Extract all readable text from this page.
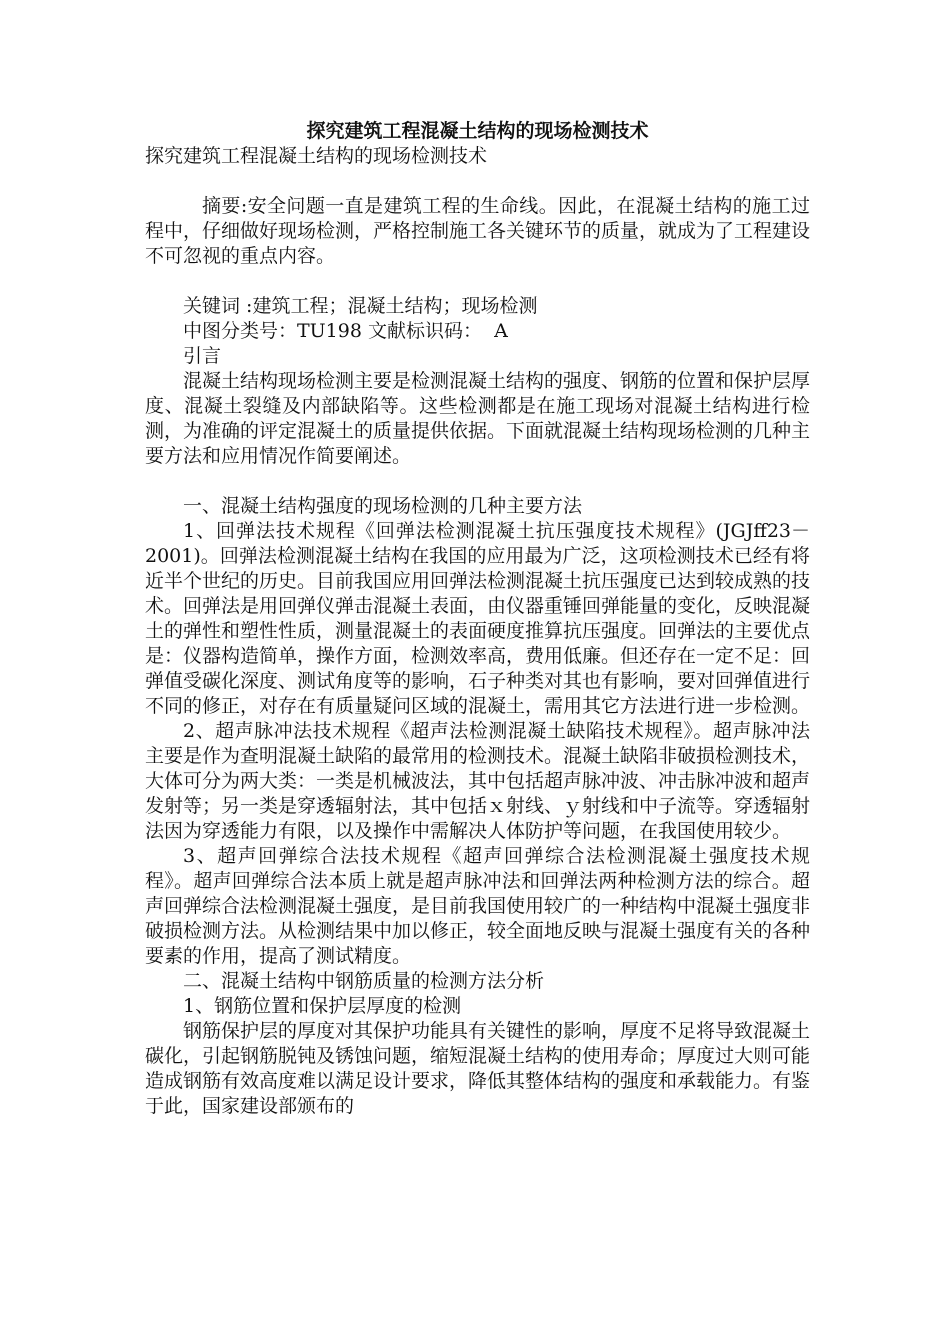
探究建筑工程混凝土结构的现场检测技术

探究建筑工程混凝土结构的现场检测技术

摘要:安全问题一直是建筑工程的生命线。因此，在混凝土结构的施工过程中，仔细做好现场检测，严格控制施工各关键环节的质量，就成为了工程建设不可忽视的重点内容。

关键词 :建筑工程；混凝土结构；现场检测

中图分类号：TU198 文献标识码：  A

引言

混凝土结构现场检测主要是检测混凝土结构的强度、钢筋的位置和保护层厚度、混凝土裂缝及内部缺陷等。这些检测都是在施工现场对混凝土结构进行检测，为准确的评定混凝土的质量提供依据。下面就混凝土结构现场检测的几种主要方法和应用情况作简要阐述。

一、混凝土结构强度的现场检测的几种主要方法

1、回弹法技术规程《回弹法检测混凝土抗压强度技术规程》(JGJff23－2001)。回弹法检测混凝土结构在我国的应用最为广泛，这项检测技术已经有将近半个世纪的历史。目前我国应用回弹法检测混凝土抗压强度已达到较成熟的技术。回弹法是用回弹仪弹击混凝土表面，由仪器重锤回弹能量的变化，反映混凝土的弹性和塑性性质，测量混凝土的表面硬度推算抗压强度。回弹法的主要优点是：仪器构造简单，操作方面，检测效率高，费用低廉。但还存在一定不足：回弹值受碳化深度、测试角度等的影响，石子种类对其也有影响，要对回弹值进行不同的修正，对存在有质量疑问区域的混凝土，需用其它方法进行进一步检测。

2、超声脉冲法技术规程《超声法检测混凝土缺陷技术规程》。超声脉冲法主要是作为查明混凝土缺陷的最常用的检测技术。混凝土缺陷非破损检测技术，大体可分为两大类：一类是机械波法，其中包括超声脉冲波、冲击脉冲波和超声发射等；另一类是穿透辐射法，其中包括ｘ射线、ｙ射线和中子流等。穿透辐射法因为穿透能力有限，以及操作中需解决人体防护等问题，在我国使用较少。

3、超声回弹综合法技术规程《超声回弹综合法检测混凝土强度技术规程》。超声回弹综合法本质上就是超声脉冲法和回弹法两种检测方法的综合。超声回弹综合法检测混凝土强度，是目前我国使用较广的一种结构中混凝土强度非破损检测方法。从检测结果中加以修正，较全面地反映与混凝土强度有关的各种要素的作用，提高了测试精度。

二、混凝土结构中钢筋质量的检测方法分析

1、钢筋位置和保护层厚度的检测

钢筋保护层的厚度对其保护功能具有关键性的影响，厚度不足将导致混凝土碳化，引起钢筋脱钝及锈蚀问题，缩短混凝土结构的使用寿命；厚度过大则可能造成钢筋有效高度难以满足设计要求，降低其整体结构的强度和承载能力。有鉴于此，国家建设部颁布的
